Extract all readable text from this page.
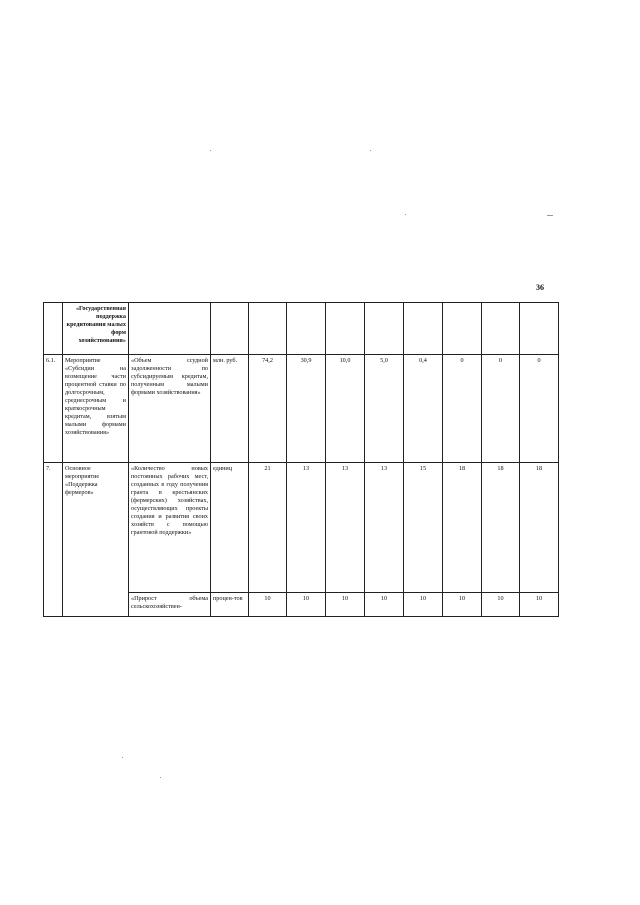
36
	«Государственная поддержка кредитования малых форм хозяйствования»										
6.1.	Мероприятие «Субсидии на возмещение части процентной ставки по долгосрочным, среднесрочным и краткосрочным кредитам, взятым малыми формами хозяйствования»	«Объем ссудной задолженности по субсидируемым кредитам, полученным малыми формами хозяйствования»	млн. руб.	74,2	30,9	10,0	5,0	0,4	0	0	0
7.	Основное мероприятие «Поддержка фермеров»	«Количество новых постоянных рабочих мест, созданных в году получения гранта в крестьянских (фермерских) хозяйствах, осуществляющих проекты создания и развития своих хозяйств с помощью грантовой поддержки»	единиц	21	13	13	13	15	18	18	18
		«Прирост объема сельскохозяйствен-	процен-тов	10	10	10	10	10	10	10	10
